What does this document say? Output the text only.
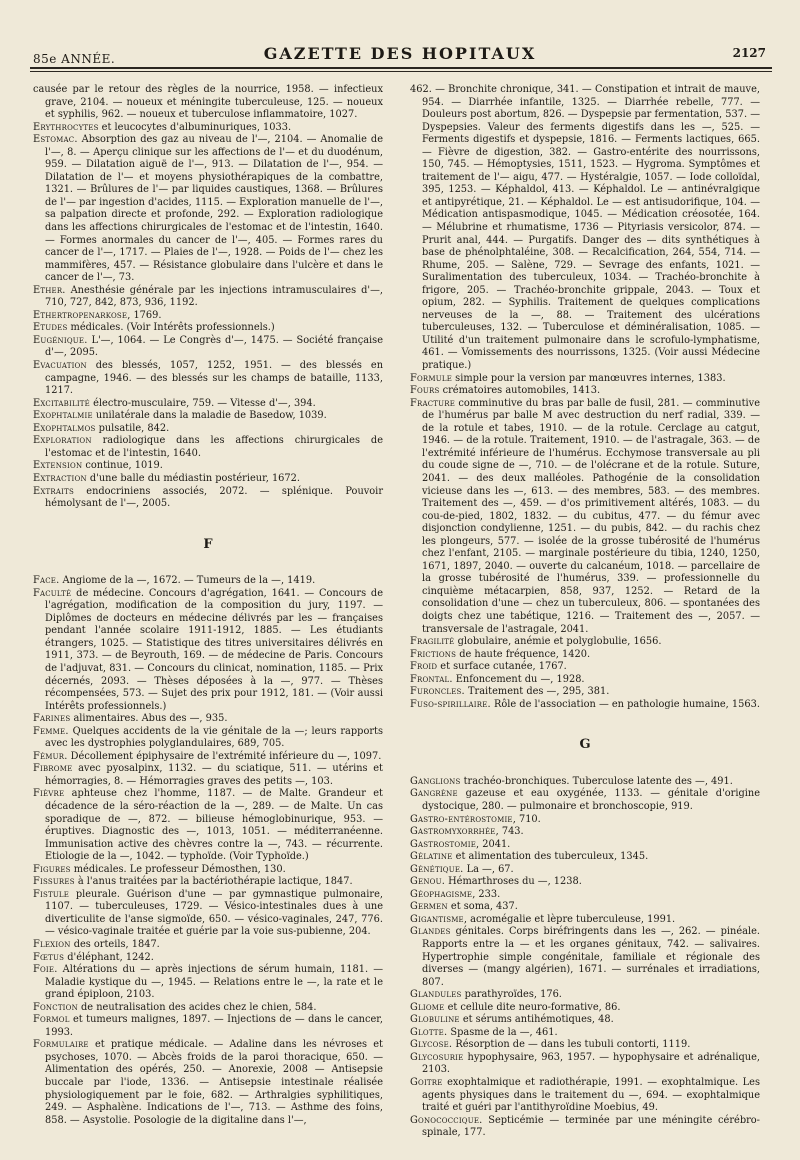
85e ANNÉE.	GAZETTE DES HOPITAUX	2127

causée par le retour des règles de la nourrice, 1958. — infectieux grave, 2104. — noueux et méningite tuberculeuse, 125. — noueux et syphilis, 962. — noueux et tuberculose inflammatoire, 1027.

Erythrocytes et leucocytes d'albuminuriques, 1033.

Estomac. Absorption des gaz au niveau de l'—, 2104. — Anomalie de l'—, 8. — Aperçu clinique sur les affections de l'— et du duodénum, 959. — Dilatation aiguë de l'—, 913. — Dilatation de l'—, 954. — Dilatation de l'— et moyens physiothérapiques de la combattre, 1321. — Brûlures de l'— par liquides caustiques, 1368. — Brûlures de l'— par ingestion d'acides, 1115. — Exploration manuelle de l'—, sa palpation directe et profonde, 292. — Exploration radiologique dans les affections chirurgicales de l'estomac et de l'intestin, 1640. — Formes anormales du cancer de l'—, 405. — Formes rares du cancer de l'—, 1717. — Plaies de l'—, 1928. — Poids de l'— chez les mammifères, 457. — Résistance globulaire dans l'ulcère et dans le cancer de l'—, 73.

Ether. Anesthésie générale par les injections intramusculaires d'—, 710, 727, 842, 873, 936, 1192.

Ethertropenarkose, 1769.

Etudes médicales. (Voir Intérêts professionnels.)

Eugénique. L'—, 1064. — Le Congrès d'—, 1475. — Société française d'—, 2095.

Evacuation des blessés, 1057, 1252, 1951. — des blessés en campagne, 1946. — des blessés sur les champs de bataille, 1133, 1217.

Excitabilité électro-musculaire, 759. — Vitesse d'—, 394.

Exophtalmie unilatérale dans la maladie de Basedow, 1039.

Exophtalmos pulsatile, 842.

Exploration radiologique dans les affections chirurgicales de l'estomac et de l'intestin, 1640.

Extension continue, 1019.

Extraction d'une balle du médiastin postérieur, 1672.

Extraits endocriniens associés, 2072. — splénique. Pouvoir hémolysant de l'—, 2005.

F

Face. Angiome de la —, 1672. — Tumeurs de la —, 1419.

Faculté de médecine. Concours d'agrégation, 1641. — Concours de l'agrégation, modification de la composition du jury, 1197. — Diplômes de docteurs en médecine délivrés par les — françaises pendant l'année scolaire 1911-1912, 1885. — Les étudiants étrangers, 1025. — Statistique des titres universitaires délivrés en 1911, 373. — de Beyrouth, 169. — de médecine de Paris. Concours de l'adjuvat, 831. — Concours du clinicat, nomination, 1185. — Prix décernés, 2093. — Thèses déposées à la —, 977. — Thèses récompensées, 573. — Sujet des prix pour 1912, 181. — (Voir aussi Intérêts professionnels.)

Farines alimentaires. Abus des —, 935.

Femme. Quelques accidents de la vie génitale de la —; leurs rapports avec les dystrophies polyglandulaires, 689, 705.

Fémur. Décollement épiphysaire de l'extrémité inférieure du —, 1097.

Fibrome avec pyosalpinx, 1132. — du sciatique, 511. — utérins et hémorragies, 8. — Hémorragies graves des petits —, 103.

Fièvre aphteuse chez l'homme, 1187. — de Malte. Grandeur et décadence de la séro-réaction de la —, 289. — de Malte. Un cas sporadique de —, 872. — bilieuse hémoglobinurique, 953. — éruptives. Diagnostic des —, 1013, 1051. — méditerranéenne. Immunisation active des chèvres contre la —, 743. — récurrente. Etiologie de la —, 1042. — typhoïde. (Voir Typhoïde.)

Figures médicales. Le professeur Démosthen, 130.

Fissures à l'anus traitées par la bactériothérapie lactique, 1847.

Fistule pleurale. Guérison d'une — par gymnastique pulmonaire, 1107. — tuberculeuses, 1729. — Vésico-intestinales dues à une diverticulite de l'anse sigmoïde, 650. — vésico-vaginales, 247, 776. — vésico-vaginale traitée et guérie par la voie sus-pubienne, 204.

Flexion des orteils, 1847.

Fœtus d'éléphant, 1242.

Foie. Altérations du — après injections de sérum humain, 1181. — Maladie kystique du —, 1945. — Relations entre le —, la rate et le grand épiploon, 2103.

Fonction de neutralisation des acides chez le chien, 584.

Formol et tumeurs malignes, 1897. — Injections de — dans le cancer, 1993.

Formulaire et pratique médicale. — Adaline dans les névroses et psychoses, 1070. — Abcès froids de la paroi thoracique, 650. — Alimentation des opérés, 250. — Anorexie, 2008 — Antisepsie buccale par l'iode, 1336. — Antisepsie intestinale réalisée physiologiquement par le foie, 682. — Arthralgies syphilitiques, 249. — Asphalène. Indications de l'—, 713. — Asthme des foins, 858. — Asystolie. Posologie de la digitaline dans l'—,

462. — Bronchite chronique, 341. — Constipation et intrait de mauve, 954. — Diarrhée infantile, 1325. — Diarrhée rebelle, 777. — Douleurs post abortum, 826. — Dyspepsie par fermentation, 537. — Dyspepsies. Valeur des ferments digestifs dans les —, 525. — Ferments digestifs et dyspepsie, 1816. — Ferments lactiques, 665. — Fièvre de digestion, 382. — Gastro-entérite des nourrissons, 150, 745. — Hémoptysies, 1511, 1523. — Hygroma. Symptômes et traitement de l'— aigu, 477. — Hystéralgie, 1057. — Iode colloïdal, 395, 1253. — Képhaldol, 413. — Képhaldol. Le — antinévralgique et antipyrétique, 21. — Képhaldol. Le — est antisudorifique, 104. — Médication antispasmodique, 1045. — Médication créosotée, 164. — Mélubrine et rhumatisme, 1736 — Pityriasis versicolor, 874. — Prurit anal, 444. — Purgatifs. Danger des — dits synthétiques à base de phénolphtaléine, 308. — Recalcification, 264, 554, 714. — Rhume, 205. — Salène, 729. — Sevrage des enfants, 1021. — Suralimentation des tuberculeux, 1034. — Trachéo-bronchite à frigore, 205. — Trachéo-bronchite grippale, 2043. — Toux et opium, 282. — Syphilis. Traitement de quelques complications nerveuses de la —, 88. — Traitement des ulcérations tuberculeuses, 132. — Tuberculose et déminéralisation, 1085. — Utilité d'un traitement pulmonaire dans le scrofulo-lymphatisme, 461. — Vomissements des nourrissons, 1325. (Voir aussi Médecine pratique.)

Formule simple pour la version par manœuvres internes, 1383.

Fours crématoires automobiles, 1413.

Fracture comminutive du bras par balle de fusil, 281. — comminutive de l'humérus par balle M avec destruction du nerf radial, 339. — de la rotule et tabes, 1910. — de la rotule. Cerclage au catgut, 1946. — de la rotule. Traitement, 1910. — de l'astragale, 363. — de l'extrémité inférieure de l'humérus. Ecchymose transversale au pli du coude signe de —, 710. — de l'olécrane et de la rotule. Suture, 2041. — des deux malléoles. Pathogénie de la consolidation vicieuse dans les —, 613. — des membres, 583. — des membres. Traitement des —, 459. — d'os primitivement altérés, 1083. — du cou-de-pied, 1802, 1832. — du cubitus, 477. — du fémur avec disjonction condylienne, 1251. — du pubis, 842. — du rachis chez les plongeurs, 577. — isolée de la grosse tubérosité de l'humérus chez l'enfant, 2105. — marginale postérieure du tibia, 1240, 1250, 1671, 1897, 2040. — ouverte du calcanéum, 1018. — parcellaire de la grosse tubérosité de l'humérus, 339. — professionnelle du cinquième métacarpien, 858, 937, 1252. — Retard de la consolidation d'une — chez un tuberculeux, 806. — spontanées des doigts chez une tabétique, 1216. — Traitement des —, 2057. — transversale de l'astragale, 2041.

Fragilité globulaire, anémie et polyglobulie, 1656.

Frictions de haute fréquence, 1420.

Froid et surface cutanée, 1767.

Frontal. Enfoncement du —, 1928.

Furoncles. Traitement des —, 295, 381.

Fuso-spirillaire. Rôle de l'association — en pathologie humaine, 1563.

G

Ganglions trachéo-bronchiques. Tuberculose latente des —, 491.

Gangrène gazeuse et eau oxygénée, 1133. — génitale d'origine dystocique, 280. — pulmonaire et bronchoscopie, 919.

Gastro-entérostomie, 710.

Gastromyxorrhée, 743.

Gastrostomie, 2041.

Gélatine et alimentation des tuberculeux, 1345.

Génétique. La —, 67.

Genou. Hémarthroses du —, 1238.

Géophagisme, 233.

Germen et soma, 437.

Gigantisme, acromégalie et lèpre tuberculeuse, 1991.

Glandes génitales. Corps biréfringents dans les —, 262. — pinéale. Rapports entre la — et les organes génitaux, 742. — salivaires. Hypertrophie simple congénitale, familiale et régionale des diverses — (mangy algérien), 1671. — surrénales et irradiations, 807.

Glandules parathyroïdes, 176.

Gliome et cellule dite neuro-formative, 86.

Globuline et sérums antihémotiques, 48.

Glotte. Spasme de la —, 461.

Glycose. Résorption de — dans les tubuli contorti, 1119.

Glycosurie hypophysaire, 963, 1957. — hypophysaire et adrénalique, 2103.

Goitre exophtalmique et radiothérapie, 1991. — exophtalmique. Les agents physiques dans le traitement du —, 694. — exophtalmique traité et guéri par l'antithyroïdine Moebius, 49.

Gonococcique. Septicémie — terminée par une méningite cérébro-spinale, 177.
